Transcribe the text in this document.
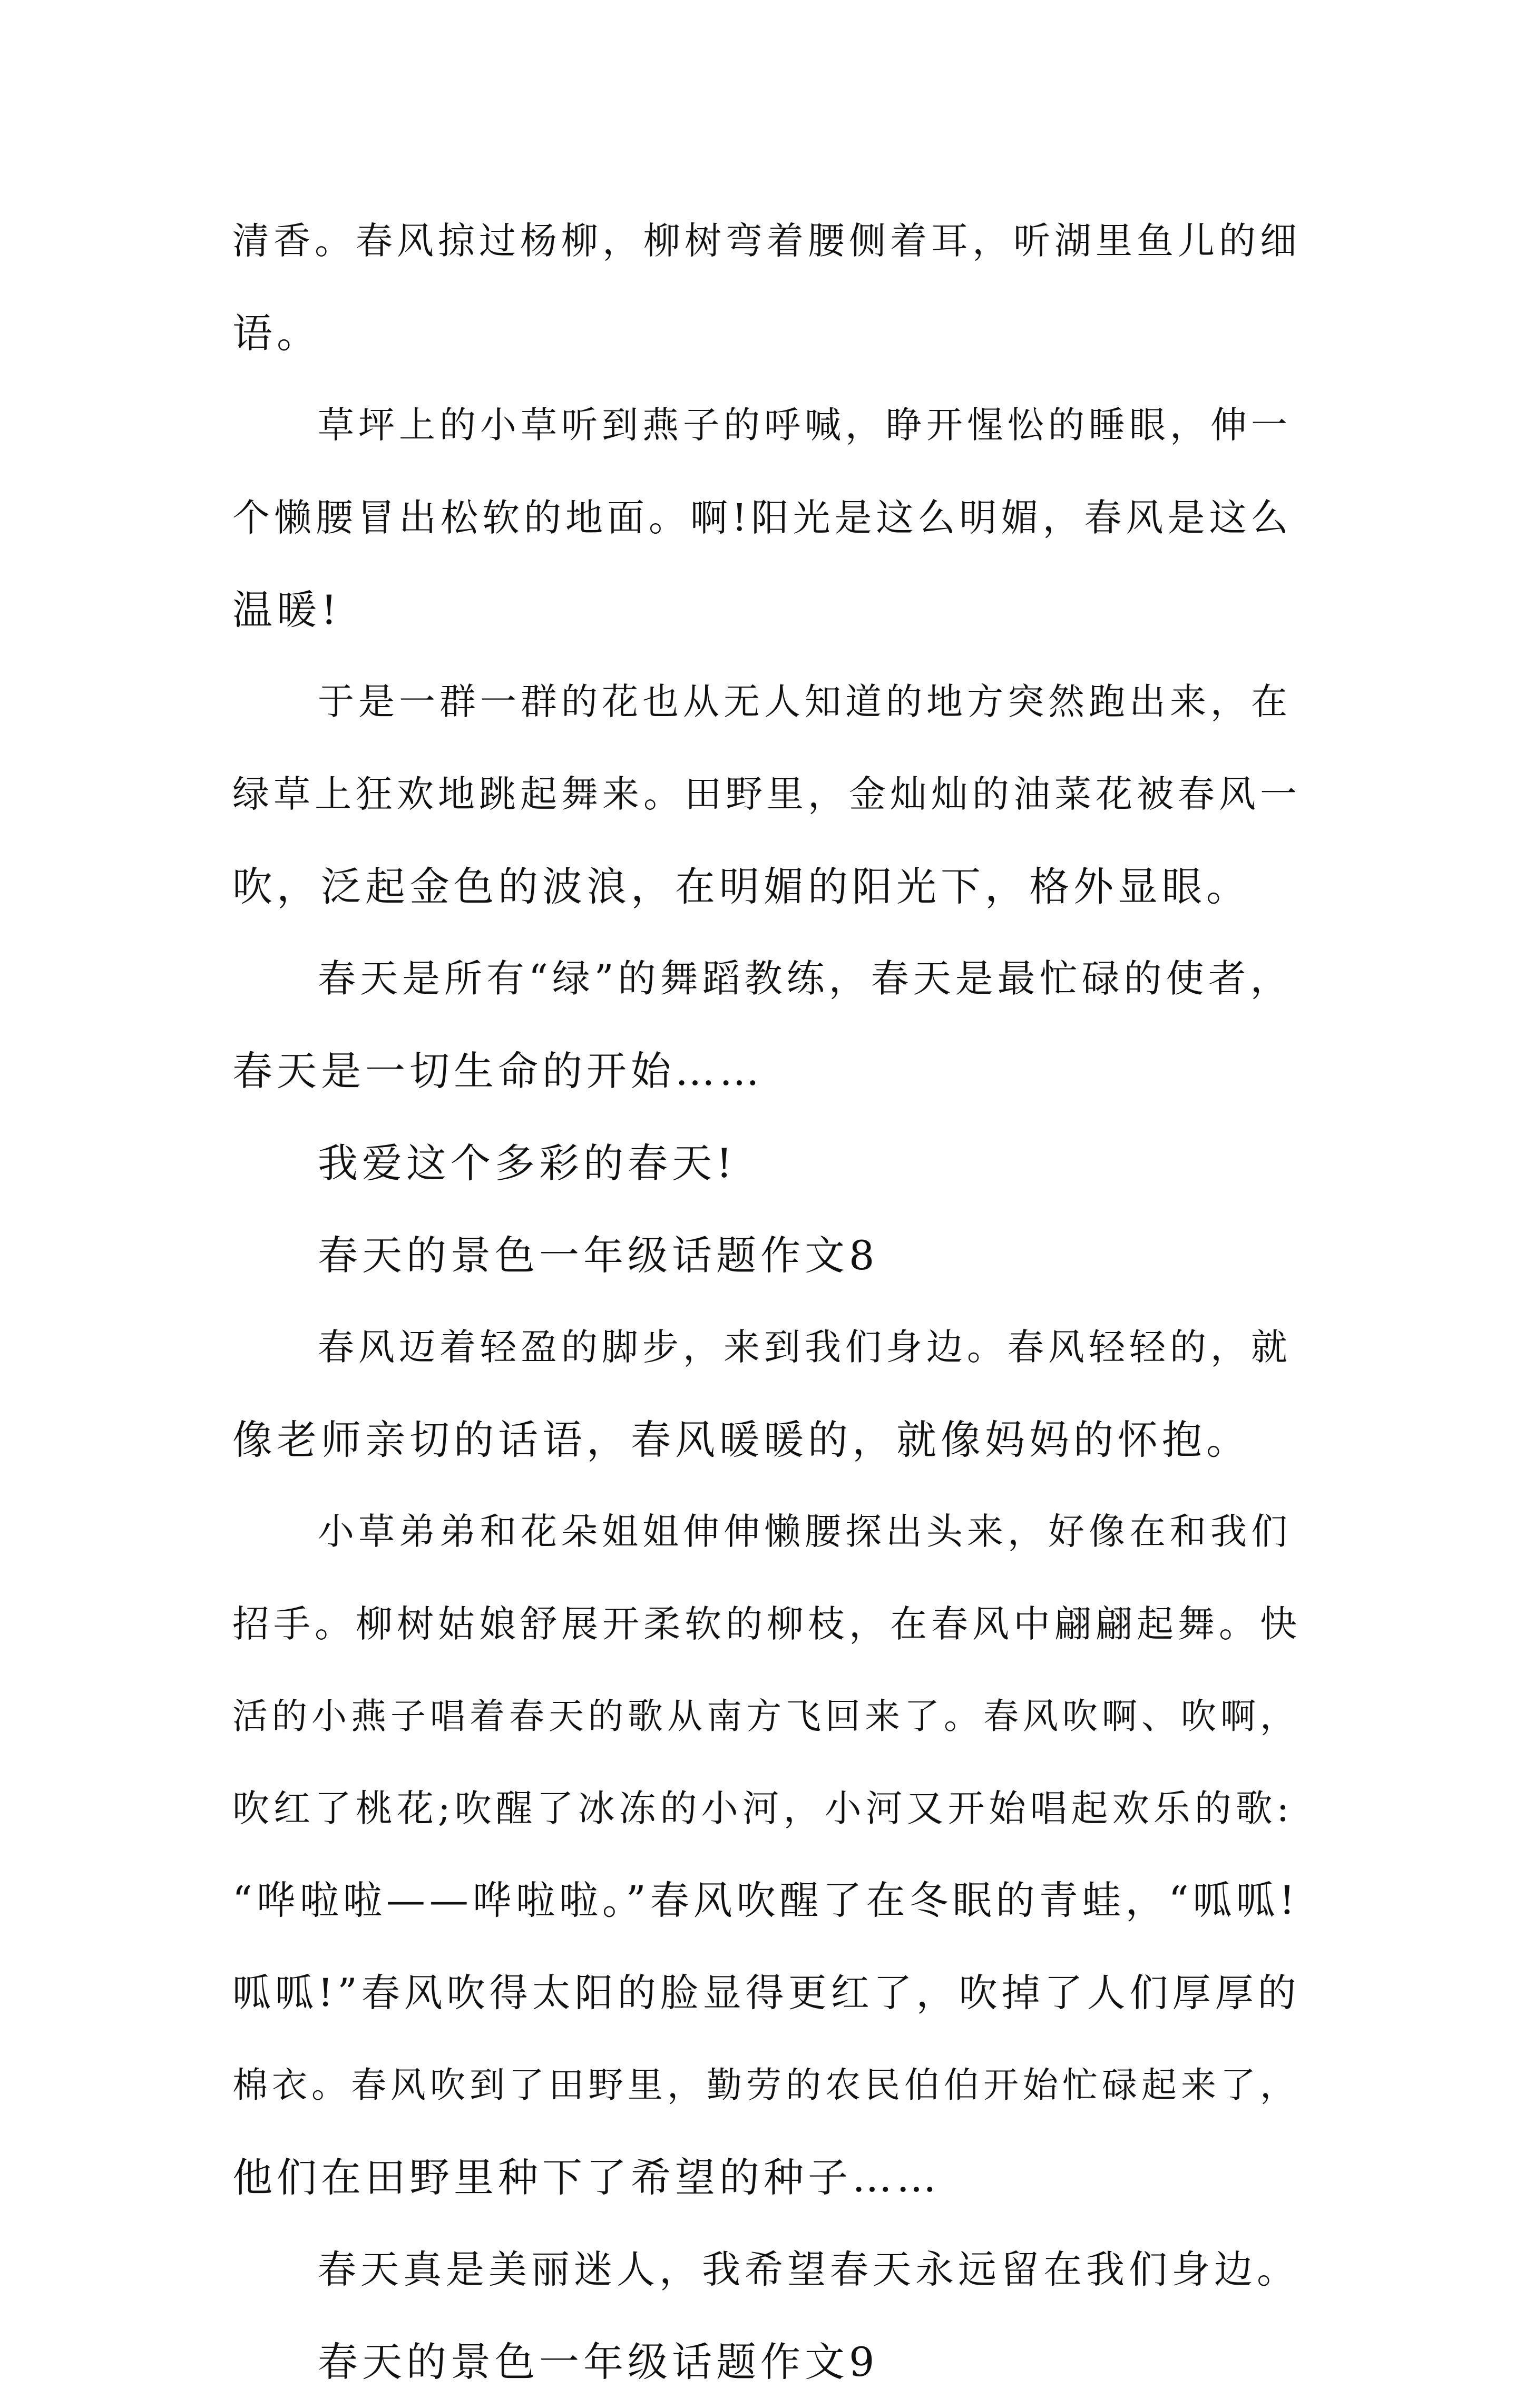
清香。春风掠过杨柳，柳树弯着腰侧着耳，听湖里鱼儿的细
语。
草坪上的小草听到燕子的呼喊，睁开惺忪的睡眼，伸一
个懒腰冒出松软的地面。啊!阳光是这么明媚，春风是这么
温暖!
于是一群一群的花也从无人知道的地方突然跑出来，在
绿草上狂欢地跳起舞来。田野里，金灿灿的油菜花被春风一
吹，泛起金色的波浪，在明媚的阳光下，格外显眼。
春天是所有“绿”的舞蹈教练，春天是最忙碌的使者，
春天是一切生命的开始……
我爱这个多彩的春天!
春天的景色一年级话题作文8
春风迈着轻盈的脚步，来到我们身边。春风轻轻的，就
像老师亲切的话语，春风暖暖的，就像妈妈的怀抱。
小草弟弟和花朵姐姐伸伸懒腰探出头来，好像在和我们
招手。柳树姑娘舒展开柔软的柳枝，在春风中翩翩起舞。快
活的小燕子唱着春天的歌从南方飞回来了。春风吹啊、吹啊，
吹红了桃花;吹醒了冰冻的小河，小河又开始唱起欢乐的歌:
“哗啦啦——哗啦啦。”春风吹醒了在冬眠的青蛙，“呱呱!
呱呱!”春风吹得太阳的脸显得更红了，吹掉了人们厚厚的
棉衣。春风吹到了田野里，勤劳的农民伯伯开始忙碌起来了，
他们在田野里种下了希望的种子……
春天真是美丽迷人，我希望春天永远留在我们身边。
春天的景色一年级话题作文9
